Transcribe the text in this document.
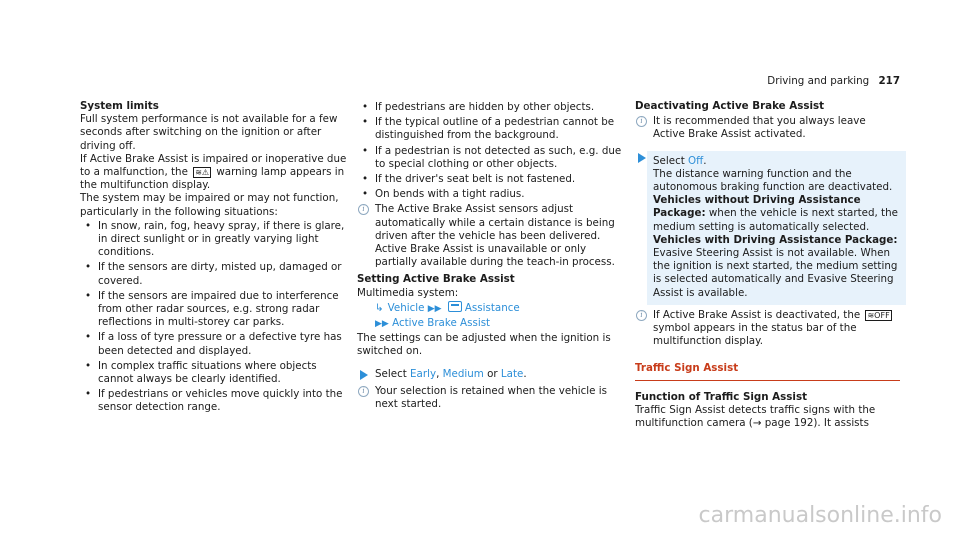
Driving and parking 217

System limits

Full system performance is not available for a few seconds after switching on the ignition or after driving off.

If Active Brake Assist is impaired or inoperative due to a malfunction, the ≋⚠ warning lamp appears in the multifunction display.

The system may be impaired or may not function, particularly in the following situations:

• In snow, rain, fog, heavy spray, if there is glare, in direct sunlight or in greatly varying light conditions.
• If the sensors are dirty, misted up, damaged or covered.
• If the sensors are impaired due to interference from other radar sources, e.g. strong radar reflections in multi-storey car parks.
• If a loss of tyre pressure or a defective tyre has been detected and displayed.
• In complex traffic situations where objects cannot always be clearly identified.
• If pedestrians or vehicles move quickly into the sensor detection range.
• If pedestrians are hidden by other objects.
• If the typical outline of a pedestrian cannot be distinguished from the background.
• If a pedestrian is not detected as such, e.g. due to special clothing or other objects.
• If the driver's seat belt is not fastened.
• On bends with a tight radius.
i	The Active Brake Assist sensors adjust automatically while a certain distance is being driven after the vehicle has been delivered. Active Brake Assist is unavailable or only partially available during the teach-in process.

Setting Active Brake Assist

Multimedia system:

↳ Vehicle ▶▶ Assistance
▶▶ Active Brake Assist

The settings can be adjusted when the ignition is switched on.

Select Early, Medium or Late.
i	Your selection is retained when the vehicle is next started.

Deactivating Active Brake Assist

i	It is recommended that you always leave Active Brake Assist activated.
Select Off.

The distance warning function and the autonomous braking function are deactivated.

Vehicles without Driving Assistance Package: when the vehicle is next started, the medium setting is automatically selected.

Vehicles with Driving Assistance Package: Evasive Steering Assist is not available. When the ignition is next started, the medium setting is selected automatically and Evasive Steering Assist is available.

i	If Active Brake Assist is deactivated, the ≋OFF symbol appears in the status bar of the multifunction display.

Traffic Sign Assist

Function of Traffic Sign Assist

Traffic Sign Assist detects traffic signs with the multifunction camera (→ page 192). It assists

carmanualsonline.info
